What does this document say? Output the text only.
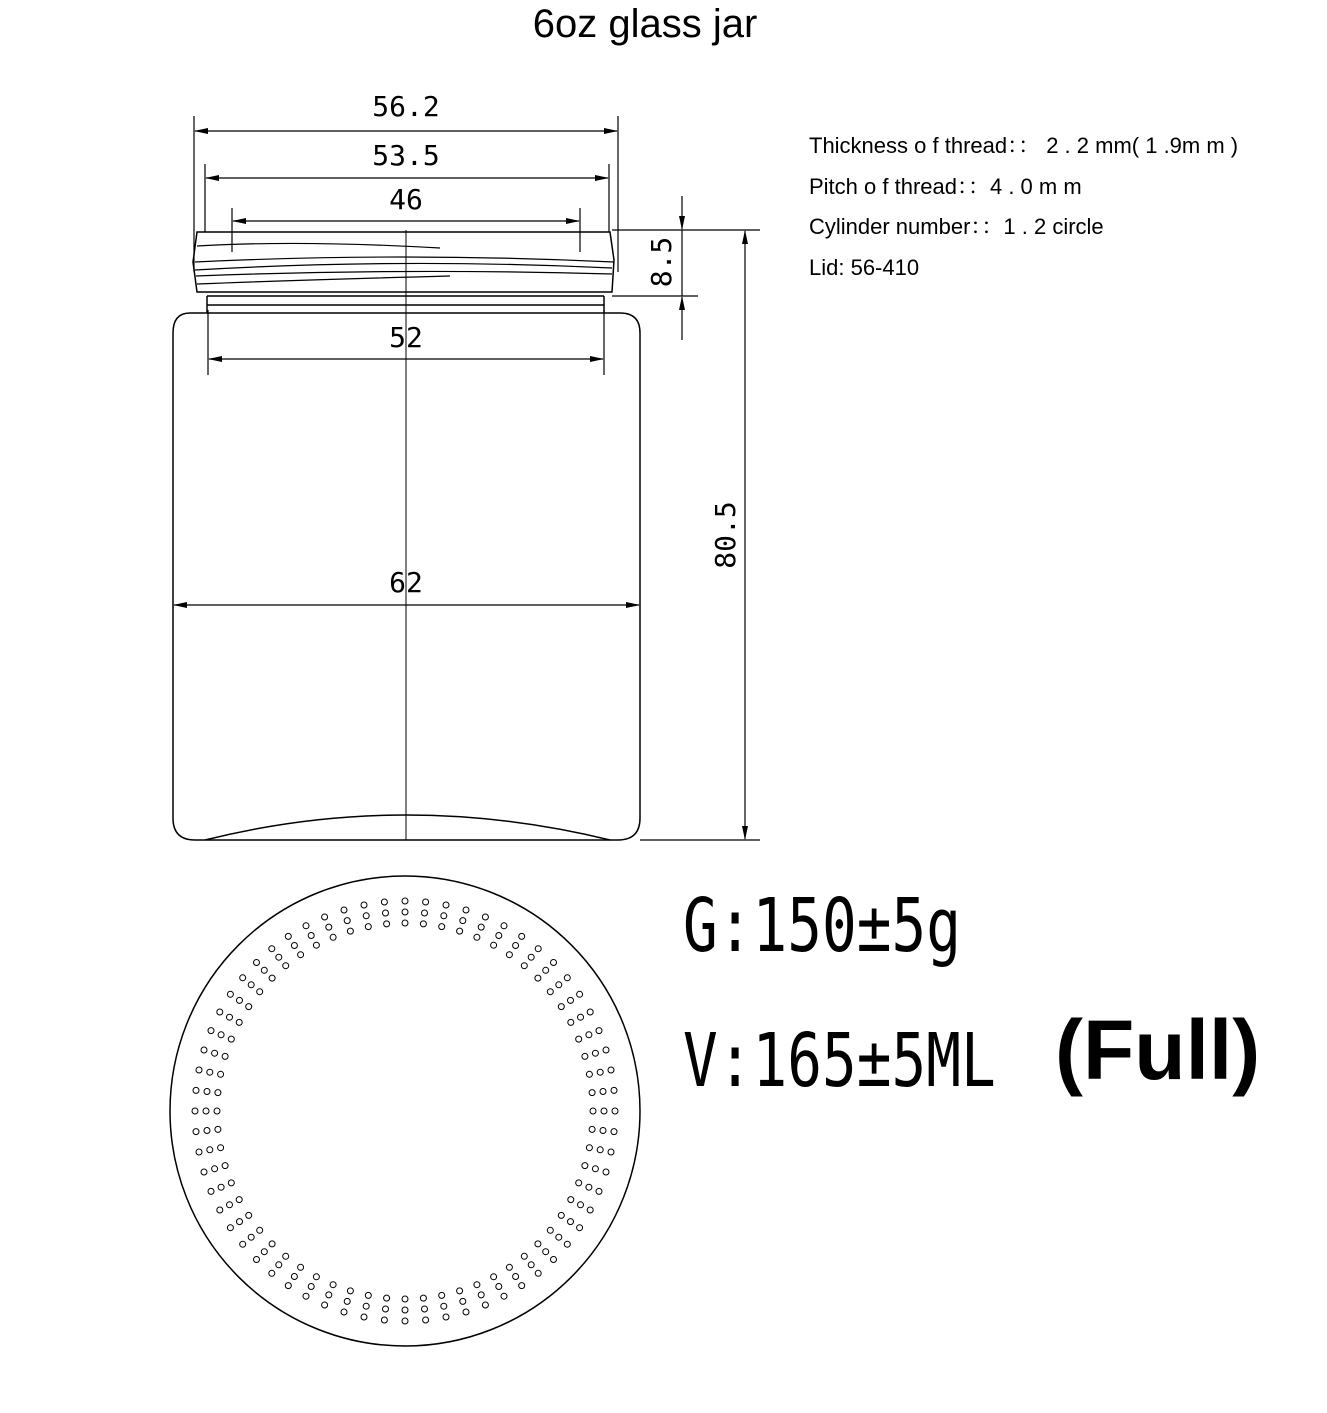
6oz glass jar
Thickness o f thread：： 2 . 2 mm( 1 .9m m )
Pitch o f thread：：4 . 0 m m
Cylinder number：：1 . 2 circle
Lid: 56-410
56.2
53.5
46
52
62
8.5
80.5
G:150±5g
V:165±5ML (Full)
